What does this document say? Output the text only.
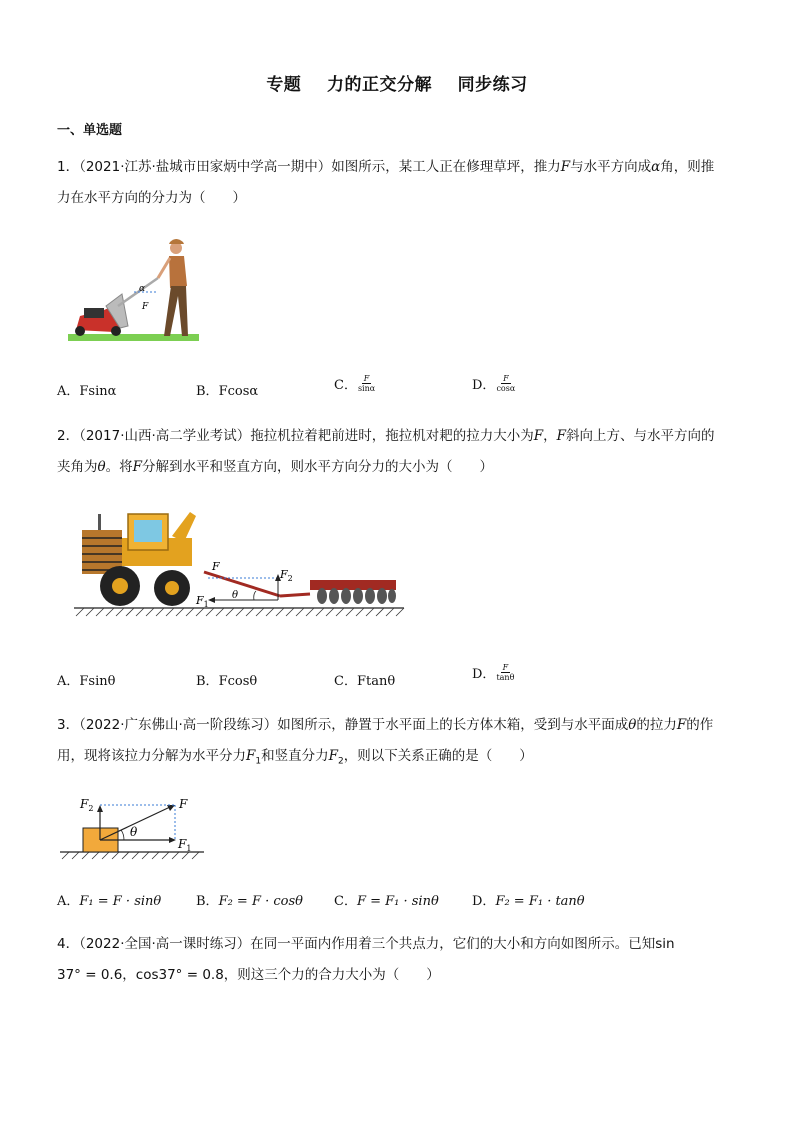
专题    力的正交分解    同步练习
一、单选题
1．（2021·江苏·盐城市田家炳中学高一期中）如图所示，某工人正在修理草坪，推力F与水平方向成α角，则推
力在水平方向的分力为（　　）
α
F
A．Fsinα	B．Fcosα	C． $\frac{F}{\sin\alpha}$	D． $\frac{F}{\cos\alpha}$
2．（2017·山西·高二学业考试）拖拉机拉着耙前进时，拖拉机对耙的拉力大小为F，F斜向上方、与水平方向的
夹角为θ。将F分解到水平和竖直方向，则水平方向分力的大小为（　　）
F
$F_2$
$F_1$
θ
A．Fsinθ	B．Fcosθ	C．Ftanθ	D． $\frac{F}{\tan\theta}$
3．（2022·广东佛山·高一阶段练习）如图所示，静置于水平面上的长方体木箱，受到与水平面成θ的拉力F的作
用，现将该拉力分解为水平分力$F_1$和竖直分力$F_2$，则以下关系正确的是（　　）
θ
F
$F_2$
$F_1$
A．F₁ = F · sinθ	B．F₂ = F · cosθ C．F = F₁ · sinθ	D．F₂ = F₁ · tanθ
4．（2022·全国·高一课时练习）在同一平面内作用着三个共点力，它们的大小和方向如图所示。已知sin
37° = 0.6，cos37° = 0.8，则这三个力的合力大小为（　　）
